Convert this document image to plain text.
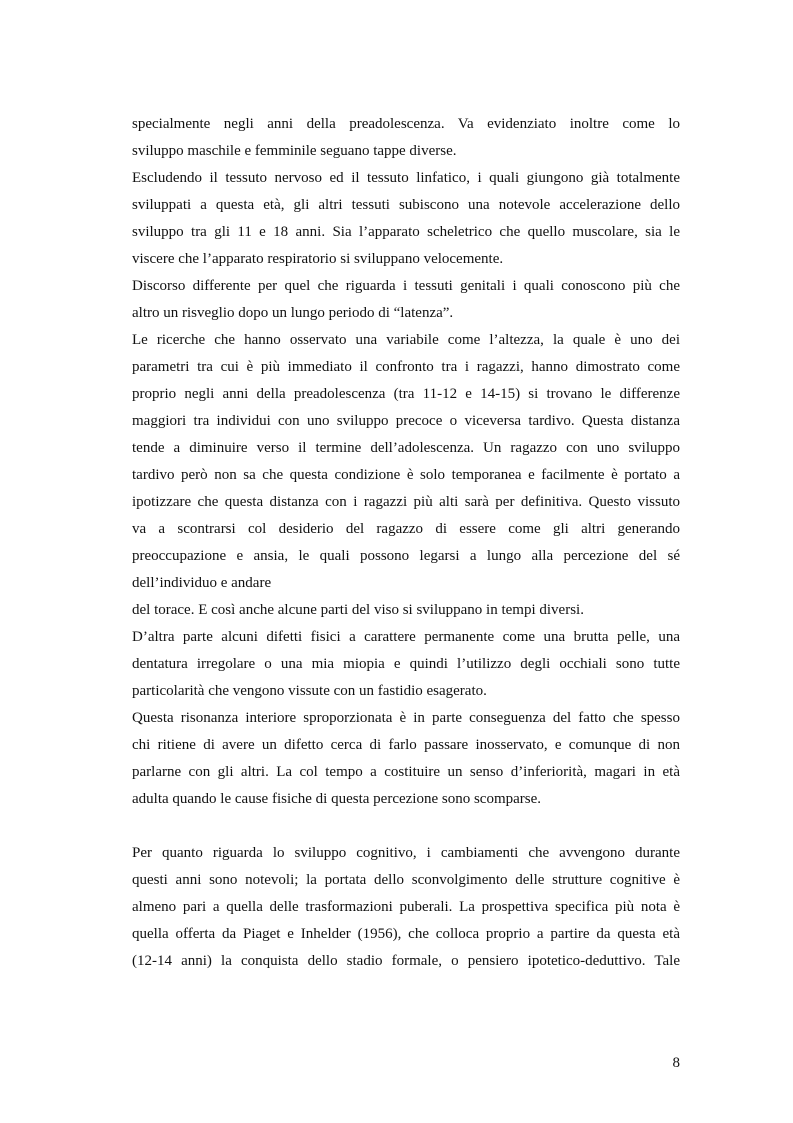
specialmente negli anni della preadolescenza. Va evidenziato inoltre come lo
sviluppo maschile e femminile seguano tappe diverse.
Escludendo il tessuto nervoso ed il tessuto linfatico, i quali giungono già totalmente
sviluppati a questa età, gli altri tessuti subiscono una notevole accelerazione dello
sviluppo tra gli 11 e 18 anni. Sia l’apparato scheletrico che quello muscolare, sia le
viscere che l’apparato respiratorio si sviluppano velocemente.
Discorso differente per quel che riguarda i tessuti genitali i quali conoscono più che
altro un risveglio dopo un lungo periodo di “latenza”.
Le ricerche che hanno osservato una variabile come l’altezza, la quale è uno dei
parametri tra cui è più immediato il confronto tra i ragazzi, hanno dimostrato come
proprio negli anni della preadolescenza (tra 11-12 e 14-15) si trovano le differenze
maggiori tra individui con uno sviluppo precoce o viceversa tardivo. Questa distanza
tende a diminuire verso il termine dell’adolescenza. Un ragazzo con uno sviluppo
tardivo però non sa che questa condizione è solo temporanea e facilmente è portato a
ipotizzare che questa distanza con i ragazzi più alti sarà per definitiva. Questo vissuto
va a scontrarsi col desiderio del ragazzo di essere come gli altri generando
preoccupazione e ansia, le quali possono legarsi a lungo alla percezione del sé
dell’individuo e andare
del torace. E così anche alcune parti del viso si sviluppano in tempi diversi.
D’altra parte alcuni difetti fisici a carattere permanente come una brutta pelle, una
dentatura irregolare o una mia miopia e quindi l’utilizzo degli occhiali sono tutte
particolarità che vengono vissute con un fastidio esagerato.
Questa risonanza interiore sproporzionata è in parte conseguenza del fatto che spesso
chi ritiene di avere un difetto cerca di farlo passare inosservato, e comunque di non
parlarne con gli altri. La col tempo a costituire un senso d’inferiorità, magari in età
adulta quando le cause fisiche di questa percezione sono scomparse.
Per quanto riguarda lo sviluppo cognitivo, i cambiamenti che avvengono durante
questi anni sono notevoli; la portata dello sconvolgimento delle strutture cognitive è
almeno pari a quella delle trasformazioni puberali. La prospettiva specifica più nota è
quella offerta da Piaget e Inhelder (1956), che colloca proprio a partire da questa età
(12-14 anni) la conquista dello stadio formale, o pensiero ipotetico-deduttivo. Tale
8
